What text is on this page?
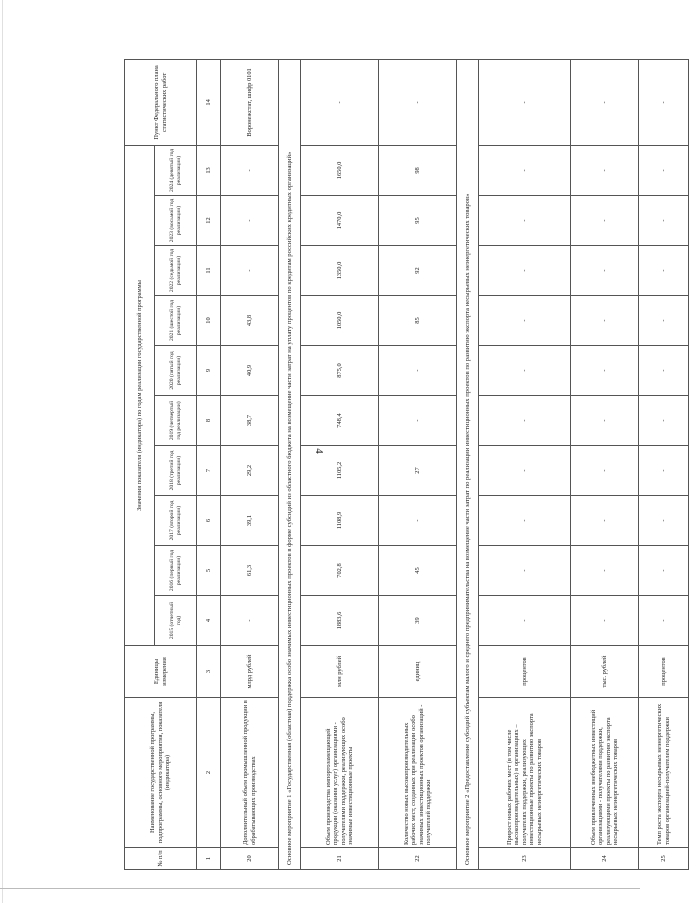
4
№ п/п	Наименование государственной программы, подпрограммы, основного мероприятия, показателя (индикатора)	Единицы измерения	Значения показателя (индикатора) по годам реализации государственной программы										Пункт Федерального плана статистических работ
			2015 (отчетный год)	2016 (первый год реализации)	2017 (второй год реализации)	2018 (третий год реализации)	2019 (четвертый год реализации)	2020 (пятый год реализации)	2021 (шестой год реализации)	2022 (седьмой год реализации)	2023 (восьмой год реализации)	2024 (девятый год реализации)	
1	2	3	4	5	6	7	8	9	10	11	12	13	14
20	Дополнительный объем промышленной продукции в обрабатывающих производствах	млрд рублей	-	61,3	39,1	29,2	38,7	40,9	43,8	-	-	-	Воронежстат, шифр 0101
Основное мероприятие 1 «Государственная (областная) поддержка особо значимых инвестиционных проектов в форме субсидий из областного бюджета на возмещение части затрат на уплату процентов по кредитам российских кредитных организаций»													
21	Объем производства импортозамещающей продукции (оказания услуг) организациями - получателями поддержки, реализующих особо значимые инвестиционные проекты	млн рублей	1883,6	702,8	1108,9	1105,2	748,4	875,0	1050,0	1350,0	1470,0	1650,0	-
22	Количество новых высокопроизводительных рабочих мест, созданных при реализации особо значимых инвестиционных проектов организаций - получателей поддержки	единиц	39	45	-	27	-	-	85	92	95	98	-
Основное мероприятие 2 «Предоставление субсидий субъектам малого и среднего предпринимательства на возмещение части затрат по реализации инвестиционных проектов по развитию экспорта несырьевых неэнергетических товаров»													
23	Прирост новых рабочих мест (в том числе высокопроизводительных) в организациях – получателях поддержки, реализующих инвестиционные проекты по развитию экспорта несырьевых неэнергетических товаров	процентов	-	-	-	-	-	-	-	-	-	-	-
24	Объем привлеченных внебюджетных инвестиций организациями - получателями поддержки, реализующими проекты по развитию экспорта несырьевых неэнергетических товаров	тыс. рублей	-	-	-	-	-	-	-	-	-	-	-
25	Темп роста экспорта несырьевых неэнергетических товаров организацией-получателем поддержки	процентов	-	-	-	-	-	-	-	-	-	-	-
